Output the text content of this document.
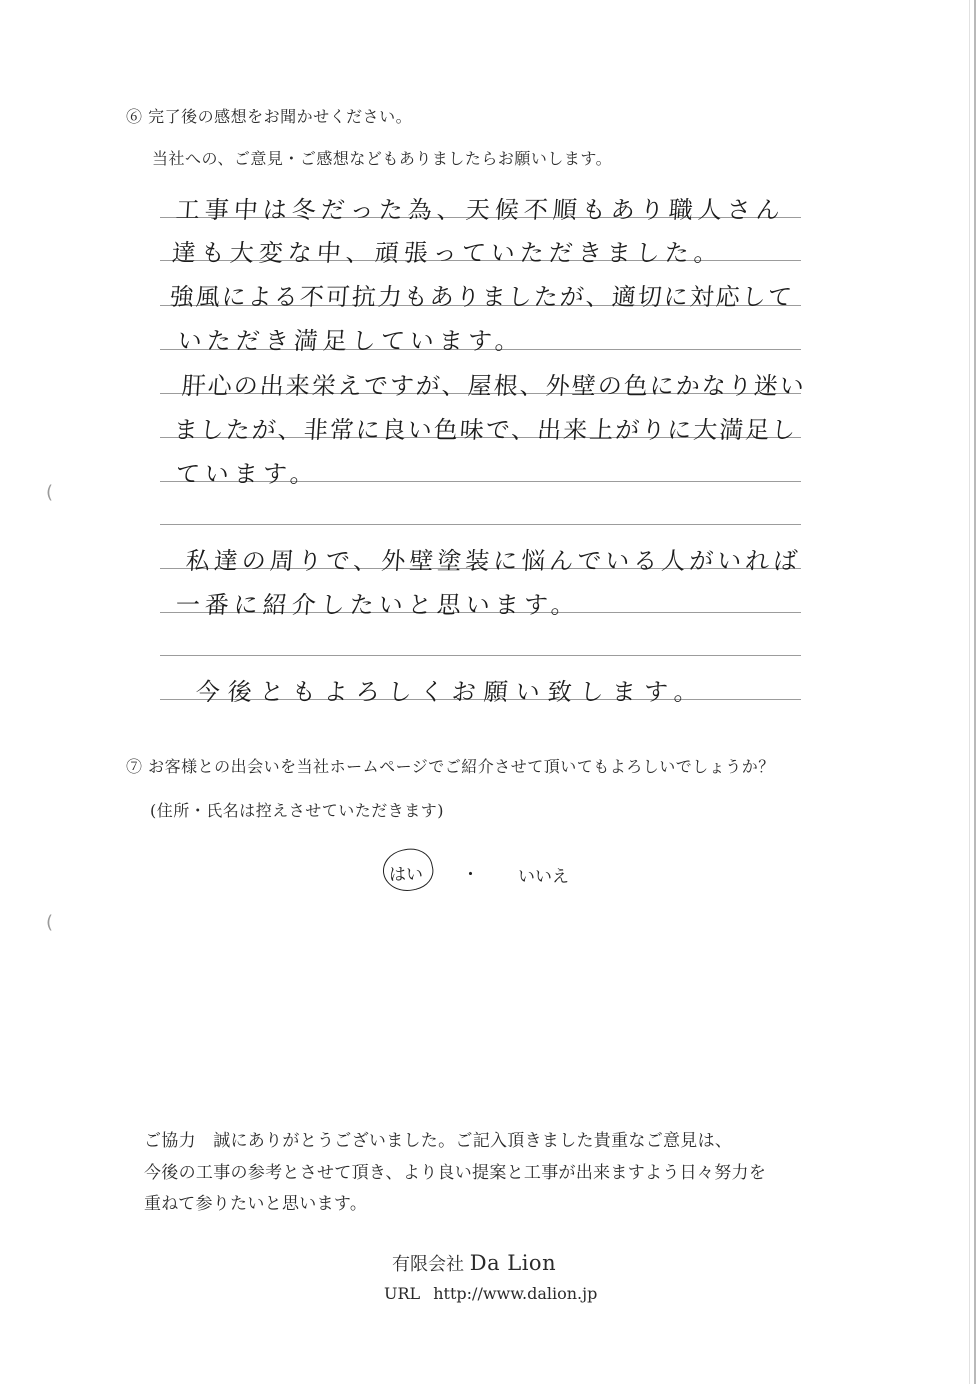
(
(
⑥ 完了後の感想をお聞かせください。
当社への、ご意見・ご感想などもありましたらお願いします。
工事中は冬だった為、天候不順もあり職人さん
達も大変な中、頑張っていただきました。
強風による不可抗力もありましたが、適切に対応して
いただき満足しています。
肝心の出来栄えですが、屋根、外壁の色にかなり迷い
ましたが、非常に良い色味で、出来上がりに大満足し
ています。
私達の周りで、外壁塗装に悩んでいる人がいれば
一番に紹介したいと思います。
今後ともよろしくお願い致します。
⑦ お客様との出会いを当社ホームページでご紹介させて頂いてもよろしいでしょうか？
(住所・氏名は控えさせていただきます)
はい ・ いいえ
ご協力　誠にありがとうございました。ご記入頂きました貴重なご意見は、
今後の工事の参考とさせて頂き、より良い提案と工事が出来ますよう日々努力を
重ねて参りたいと思います。
有限会社 Da Lion
URL http://www.dalion.jp
